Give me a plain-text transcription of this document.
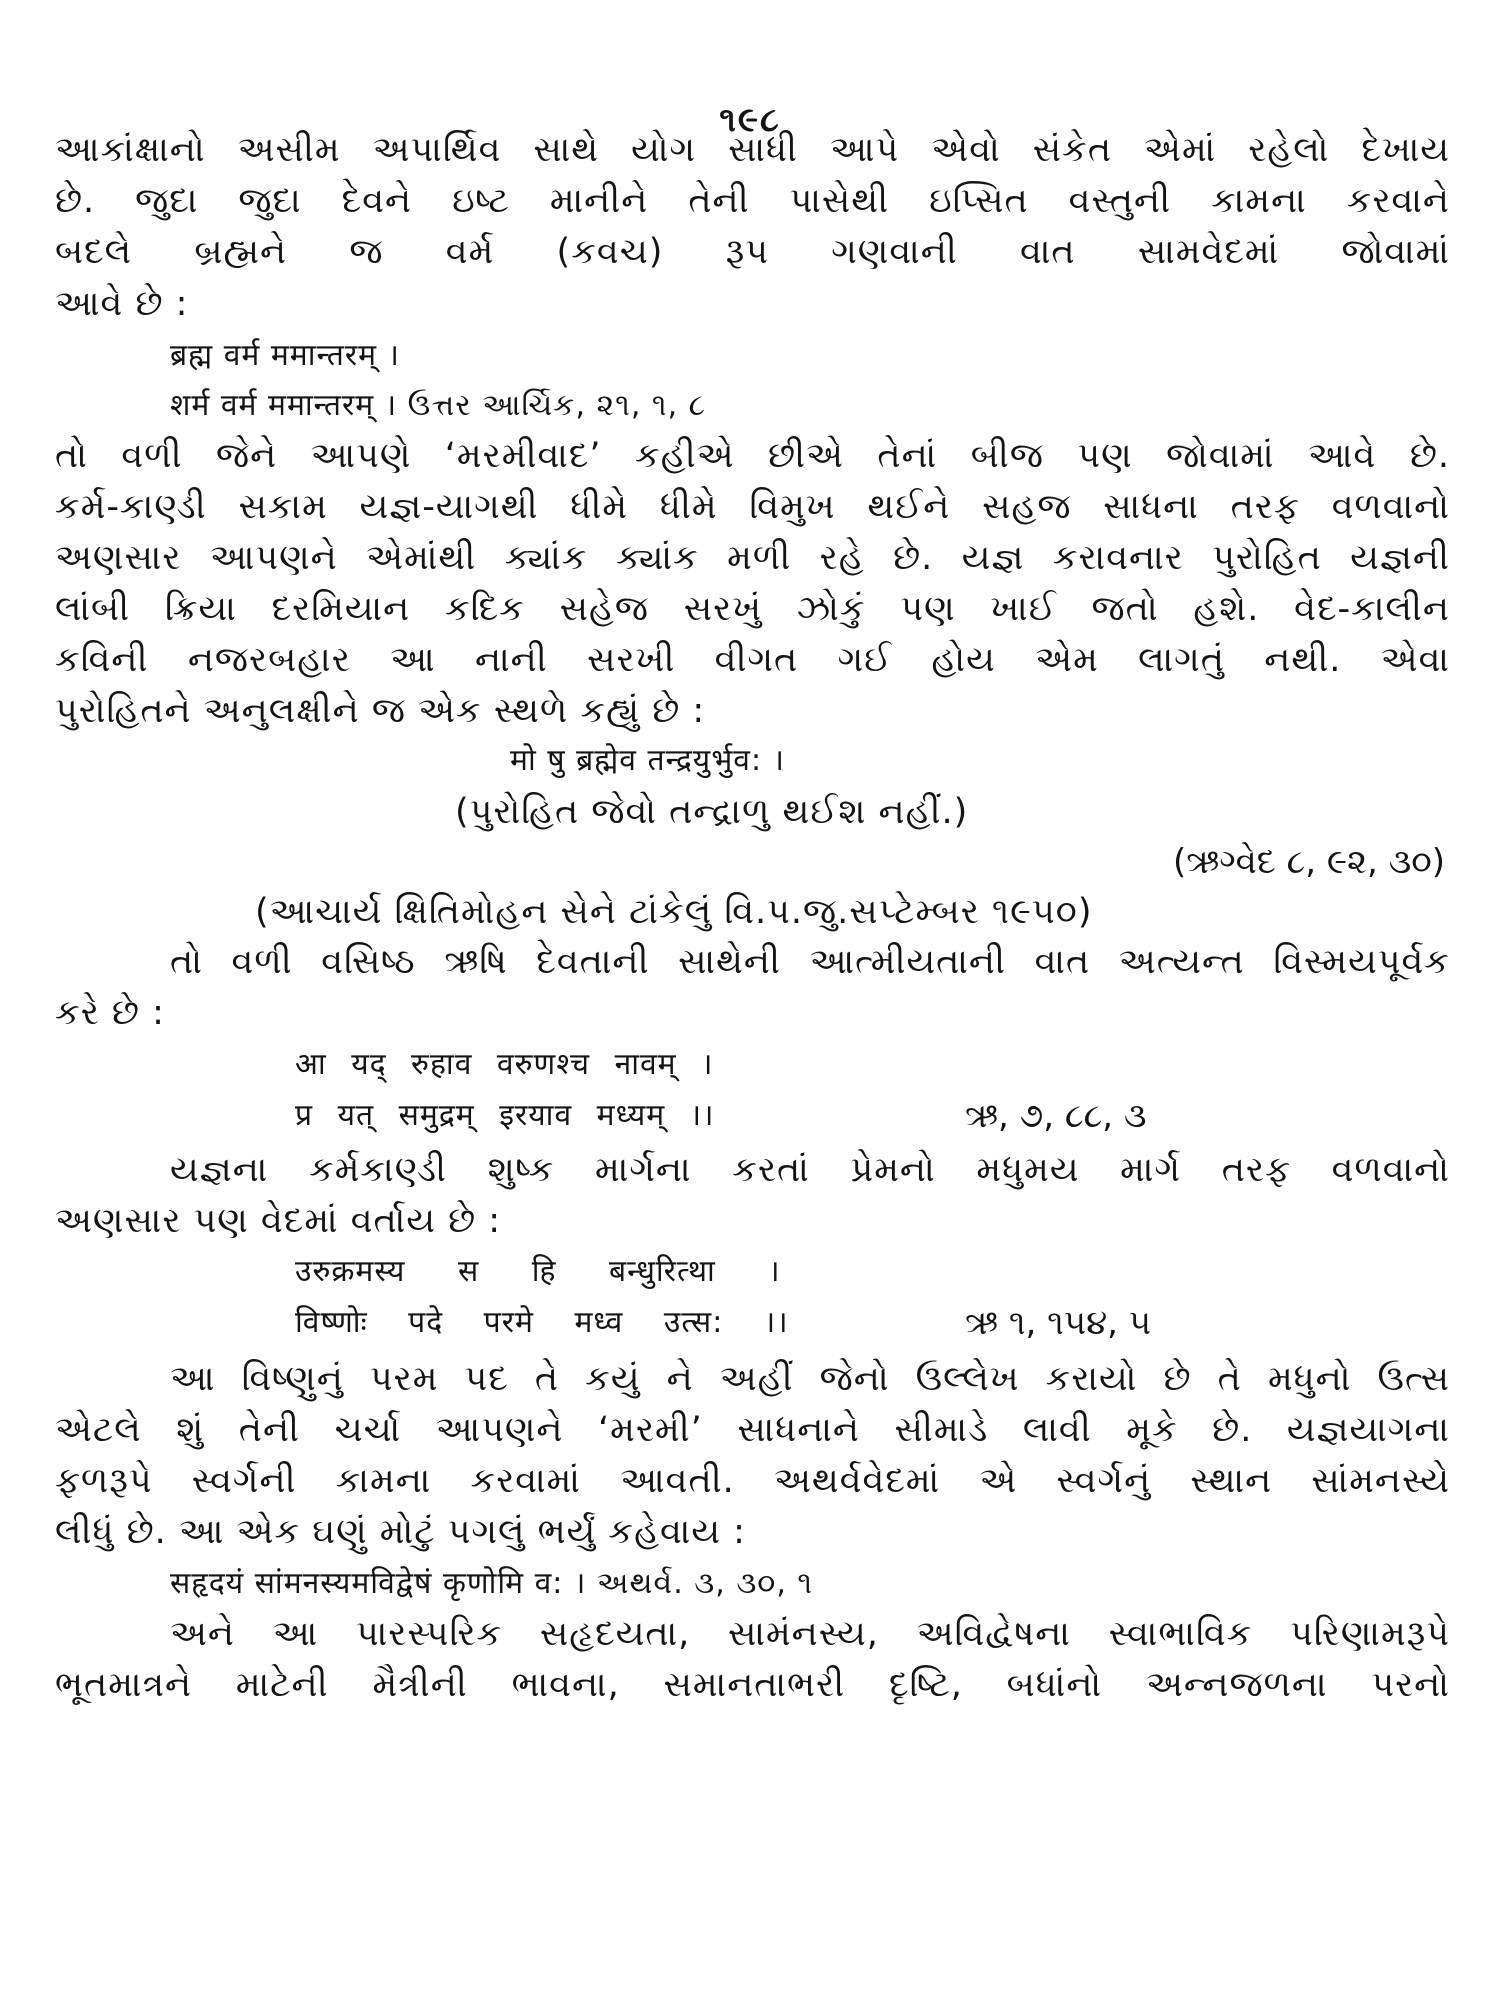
૧૯૮
આકાંક્ષાનો અસીમ અપાર્થિવ સાથે યોગ સાધી આપે એવો સંકેત એમાં રહેલો દેખાય
છે. જુદા જુદા દેવને ઇષ્ટ માનીને તેની પાસેથી ઇપ્સિત વસ્તુની કામના કરવાને
બદલે બ્રહ્મને જ વર્મ (કવચ) રૂપ ગણવાની વાત સામવેદમાં જોવામાં
આવે છે :
ब्रह्म वर्म ममान्तरम् ।
शर्म वर्म ममान्तरम् । ઉત્તર આર્ચિક, ૨૧, ૧, ૮
તો વળી જેને આપણે ‘મરમીવાદ’ કહીએ છીએ તેનાં બીજ પણ જોવામાં આવે છે.
કર્મ-કાણ્ડી સકામ યજ્ઞ-યાગથી ધીમે ધીમે વિમુખ થઈને સહજ સાધના તરફ વળવાનો
અણસાર આપણને એમાંથી ક્યાંક ક્યાંક મળી રહે છે. યજ્ઞ કરાવનાર પુરોહિત યજ્ઞની
લાંબી ક્રિયા દરમિયાન કદિક સહેજ સરખું ઝોકું પણ ખાઈ જતો હશે. વેદ-કાલીન
કવિની નજરબહાર આ નાની સરખી વીગત ગઈ હોય એમ લાગતું નથી. એવા
પુરોહિતને અનુલક્ષીને જ એક સ્થળે કહ્યું છે :
मो षु ब्रह्मेव तन्द्रयुर्भुव: ।
(પુરોહિત જેવો તન્દ્રાળુ થઈશ નહીં.)
(ઋગ્વેદ ૮, ૯૨, ૩૦)
(આચાર્ય ક્ષિતિમોહન સેને ટાંકેલું વિ.પ.જુ.સપ્ટેમ્બર ૧૯૫૦)
તો વળી વસિષ્ઠ ઋષિ દેવતાની સાથેની આત્મીયતાની વાત અત્યન્ત વિસ્મયપૂર્વક
કરે છે :
आ यद् रुहाव वरुणश्च नावम् ।
प्र यत् समुद्रम् इरयाव मध्यम् ।।	ઋ, ૭, ૮૮, ૩
યજ્ઞના કર્મકાણ્ડી શુષ્ક માર્ગના કરતાં પ્રેમનો મધુમય માર્ગ તરફ વળવાનો
અણસાર પણ વેદમાં વર્તાય છે :
उरुक्रमस्य स हि बन्धुरित्था ।
विष्णोः पदे परमे मध्व उत्स: ।।	ઋ ૧, ૧૫૪, ૫
આ વિષ્ણુનું પરમ પદ તે કયું ને અહીં જેનો ઉલ્લેખ કરાયો છે તે મધુનો ઉત્સ
એટલે શું તેની ચર્ચા આપણને ‘મરમી’ સાધનાને સીમાડે લાવી મૂકે છે. યજ્ઞયાગના
ફળરૂપે સ્વર્ગની કામના કરવામાં આવતી. અથર્વવેદમાં એ સ્વર્ગનું સ્થાન સાંમનસ્યે
લીધું છે. આ એક ઘણું મોટું પગલું ભર્યું કહેવાય :
सहृदयं सांमनस्यमविद्वेषं कृणोमि व: । અથર્વ. ૩, ૩૦, ૧
અને આ પારસ્પરિક સહૃદયતા, સામંનસ્ય, અવિદ્વેષના સ્વાભાવિક પરિણામરૂપે
ભૂતમાત્રને માટેની મૈત્રીની ભાવના, સમાનતાભરી દૃષ્ટિ, બધાંનો અન્નજળના પરનો
